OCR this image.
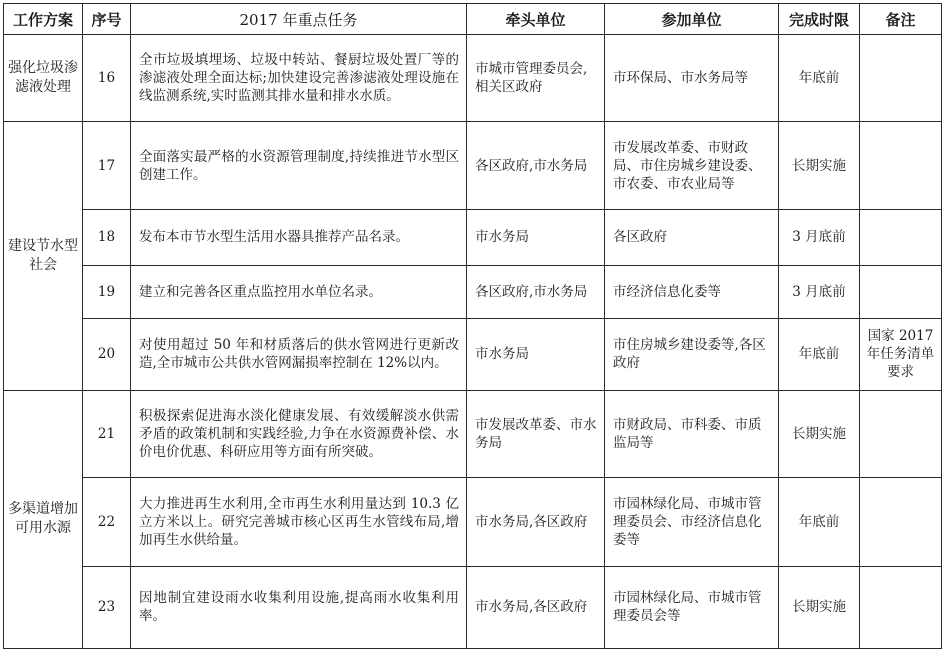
工作方案	序号	2017 年重点任务	牵头单位	参加单位	完成时限	备注
强化垃圾渗滤液处理	16	全市垃圾填埋场、垃圾中转站、餐厨垃圾处置厂等的渗滤液处理全面达标;加快建设完善渗滤液处理设施在线监测系统,实时监测其排水量和排水水质。	市城市管理委员会,相关区政府	市环保局、市水务局等	年底前	
建设节水型社会	17	全面落实最严格的水资源管理制度,持续推进节水型区创建工作。	各区政府,市水务局	市发展改革委、市财政局、市住房城乡建设委、市农委、市农业局等	长期实施	
	18	发布本市节水型生活用水器具推荐产品名录。	市水务局	各区政府	3 月底前	
	19	建立和完善各区重点监控用水单位名录。	各区政府,市水务局	市经济信息化委等	3 月底前	
	20	对使用超过 50 年和材质落后的供水管网进行更新改造,全市城市公共供水管网漏损率控制在 12%以内。	市水务局	市住房城乡建设委等,各区政府	年底前	国家 2017 年任务清单要求
多渠道增加可用水源	21	积极探索促进海水淡化健康发展、有效缓解淡水供需矛盾的政策机制和实践经验,力争在水资源费补偿、水价电价优惠、科研应用等方面有所突破。	市发展改革委、市水务局	市财政局、市科委、市质监局等	长期实施	
	22	大力推进再生水利用,全市再生水利用量达到 10.3 亿立方米以上。研究完善城市核心区再生水管线布局,增加再生水供给量。	市水务局,各区政府	市园林绿化局、市城市管理委员会、市经济信息化委等	年底前	
	23	因地制宜建设雨水收集利用设施,提高雨水收集利用率。	市水务局,各区政府	市园林绿化局、市城市管理委员会等	长期实施	
